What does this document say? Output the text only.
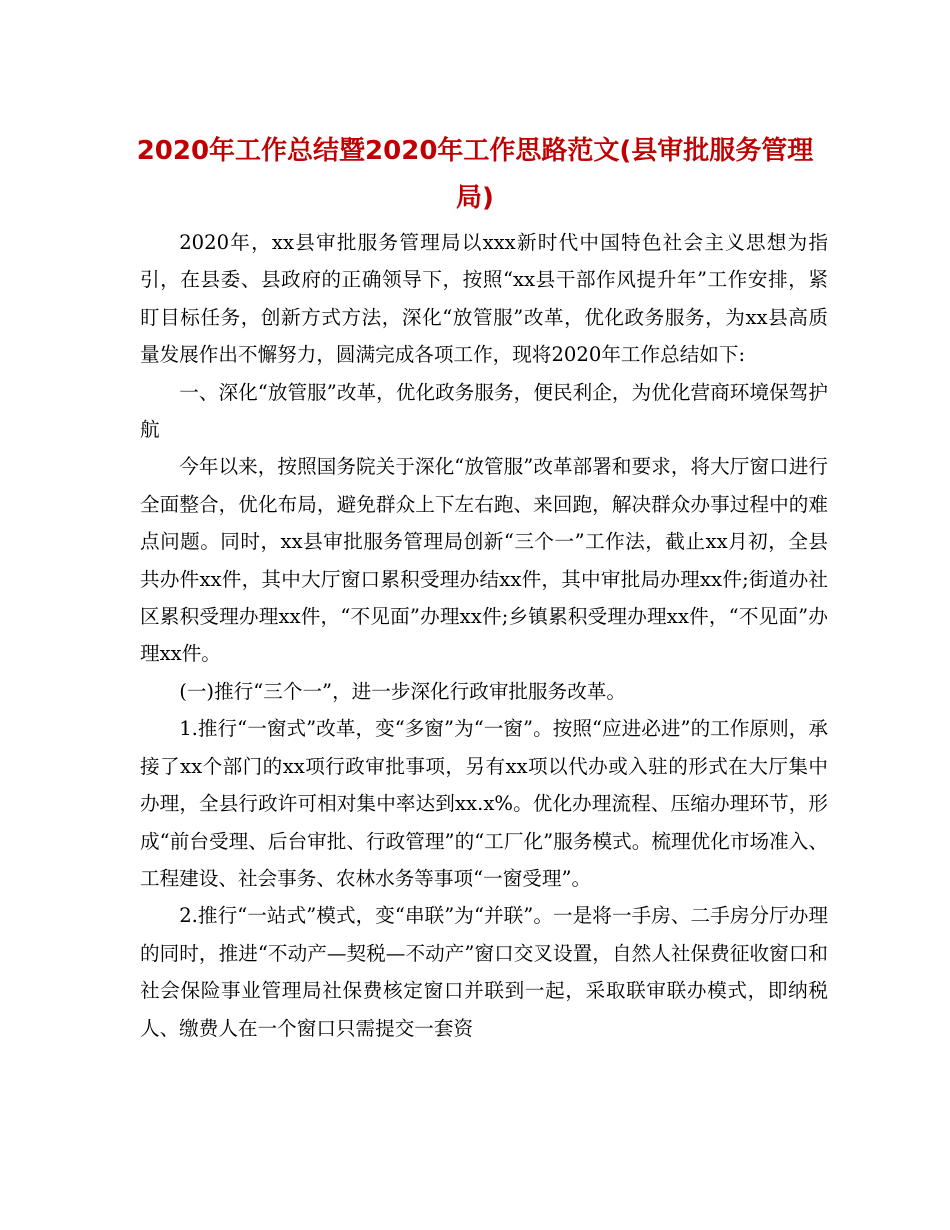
2020年工作总结暨2020年工作思路范文(县审批服务管理局)

2020年，xx县审批服务管理局以xxx新时代中国特色社会主义思想为指引，在县委、县政府的正确领导下，按照“xx县干部作风提升年”工作安排，紧盯目标任务，创新方式方法，深化“放管服”改革，优化政务服务，为xx县高质量发展作出不懈努力，圆满完成各项工作，现将2020年工作总结如下:

一、深化“放管服”改革，优化政务服务，便民利企，为优化营商环境保驾护航

今年以来，按照国务院关于深化“放管服”改革部署和要求，将大厅窗口进行全面整合，优化布局，避免群众上下左右跑、来回跑，解决群众办事过程中的难点问题。同时，xx县审批服务管理局创新“三个一”工作法，截止xx月初，全县共办件xx件，其中大厅窗口累积受理办结xx件，其中审批局办理xx件;街道办社区累积受理办理xx件，“不见面”办理xx件;乡镇累积受理办理xx件，“不见面”办理xx件。

(一)推行“三个一”，进一步深化行政审批服务改革。

1.推行“一窗式”改革，变“多窗”为“一窗”。按照“应进必进”的工作原则，承接了xx个部门的xx项行政审批事项，另有xx项以代办或入驻的形式在大厅集中办理，全县行政许可相对集中率达到xx.x%。优化办理流程、压缩办理环节，形成“前台受理、后台审批、行政管理”的“工厂化”服务模式。梳理优化市场准入、工程建设、社会事务、农林水务等事项“一窗受理”。

2.推行“一站式”模式，变“串联”为“并联”。一是将一手房、二手房分厅办理的同时，推进“不动产—契税—不动产”窗口交叉设置，自然人社保费征收窗口和社会保险事业管理局社保费核定窗口并联到一起，采取联审联办模式，即纳税人、缴费人在一个窗口只需提交一套资
